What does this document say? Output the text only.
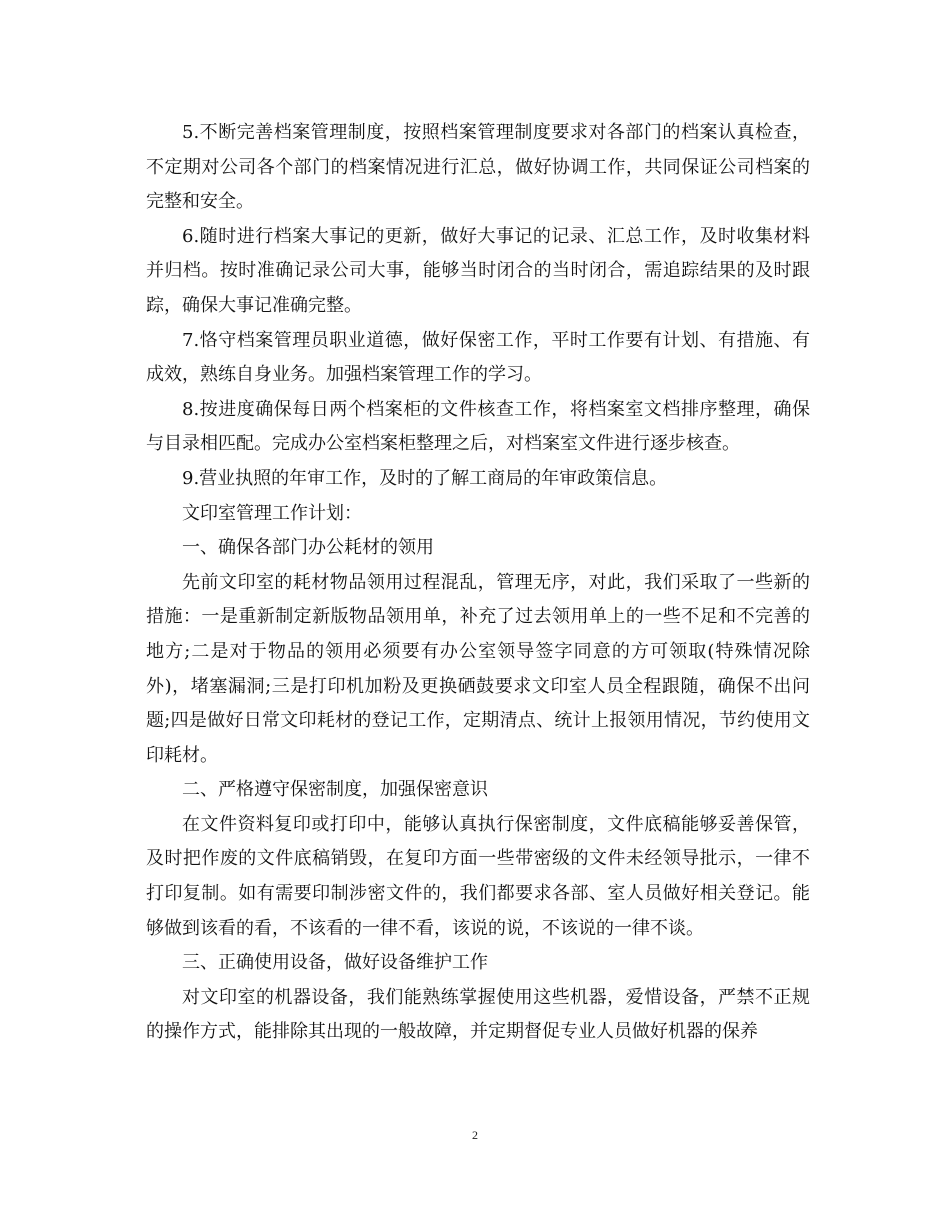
5.不断完善档案管理制度，按照档案管理制度要求对各部门的档案认真检查，不定期对公司各个部门的档案情况进行汇总，做好协调工作，共同保证公司档案的完整和安全。

6.随时进行档案大事记的更新，做好大事记的记录、汇总工作，及时收集材料并归档。按时准确记录公司大事，能够当时闭合的当时闭合，需追踪结果的及时跟踪，确保大事记准确完整。

7.恪守档案管理员职业道德，做好保密工作，平时工作要有计划、有措施、有成效，熟练自身业务。加强档案管理工作的学习。

8.按进度确保每日两个档案柜的文件核查工作，将档案室文档排序整理，确保与目录相匹配。完成办公室档案柜整理之后，对档案室文件进行逐步核查。

9.营业执照的年审工作，及时的了解工商局的年审政策信息。

文印室管理工作计划：

一、确保各部门办公耗材的领用

先前文印室的耗材物品领用过程混乱，管理无序，对此，我们采取了一些新的措施：一是重新制定新版物品领用单，补充了过去领用单上的一些不足和不完善的地方;二是对于物品的领用必须要有办公室领导签字同意的方可领取(特殊情况除外)，堵塞漏洞;三是打印机加粉及更换硒鼓要求文印室人员全程跟随，确保不出问题;四是做好日常文印耗材的登记工作，定期清点、统计上报领用情况，节约使用文印耗材。

二、严格遵守保密制度，加强保密意识

在文件资料复印或打印中，能够认真执行保密制度，文件底稿能够妥善保管，及时把作废的文件底稿销毁，在复印方面一些带密级的文件未经领导批示，一律不打印复制。如有需要印制涉密文件的，我们都要求各部、室人员做好相关登记。能够做到该看的看，不该看的一律不看，该说的说，不该说的一律不谈。

三、正确使用设备，做好设备维护工作

对文印室的机器设备，我们能熟练掌握使用这些机器，爱惜设备，严禁不正规的操作方式，能排除其出现的一般故障，并定期督促专业人员做好机器的保养

2
